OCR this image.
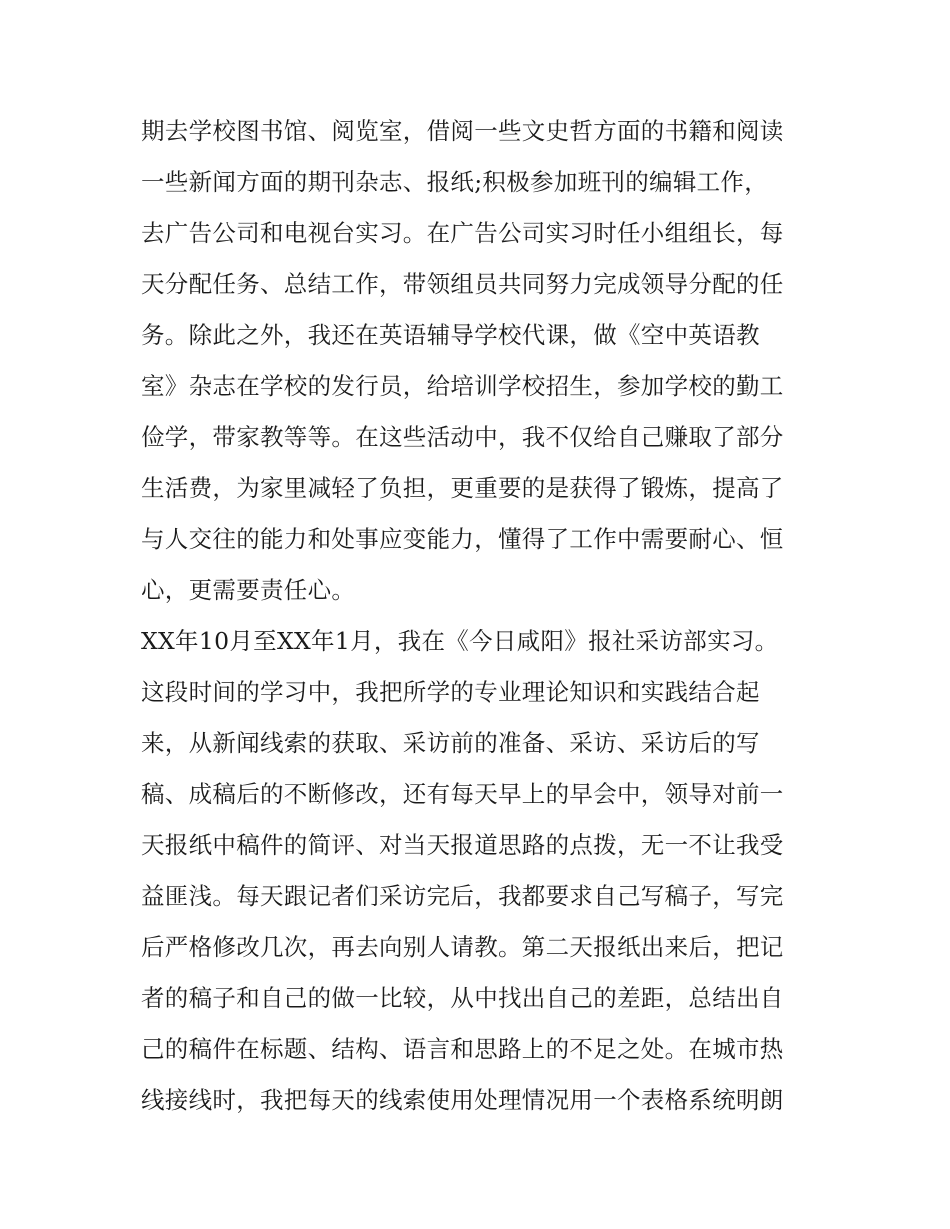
期去学校图书馆、阅览室，借阅一些文史哲方面的书籍和阅读
一些新闻方面的期刊杂志、报纸;积极参加班刊的编辑工作，
去广告公司和电视台实习。在广告公司实习时任小组组长，每
天分配任务、总结工作，带领组员共同努力完成领导分配的任
务。除此之外，我还在英语辅导学校代课，做《空中英语教
室》杂志在学校的发行员，给培训学校招生，参加学校的勤工
俭学，带家教等等。在这些活动中，我不仅给自己赚取了部分
生活费，为家里减轻了负担，更重要的是获得了锻炼，提高了
与人交往的能力和处事应变能力，懂得了工作中需要耐心、恒
心，更需要责任心。
XX年10月至XX年1月，我在《今日咸阳》报社采访部实习。
这段时间的学习中，我把所学的专业理论知识和实践结合起
来，从新闻线索的获取、采访前的准备、采访、采访后的写
稿、成稿后的不断修改，还有每天早上的早会中，领导对前一
天报纸中稿件的简评、对当天报道思路的点拨，无一不让我受
益匪浅。每天跟记者们采访完后，我都要求自己写稿子，写完
后严格修改几次，再去向别人请教。第二天报纸出来后，把记
者的稿子和自己的做一比较，从中找出自己的差距，总结出自
己的稿件在标题、结构、语言和思路上的不足之处。在城市热
线接线时，我把每天的线索使用处理情况用一个表格系统明朗
